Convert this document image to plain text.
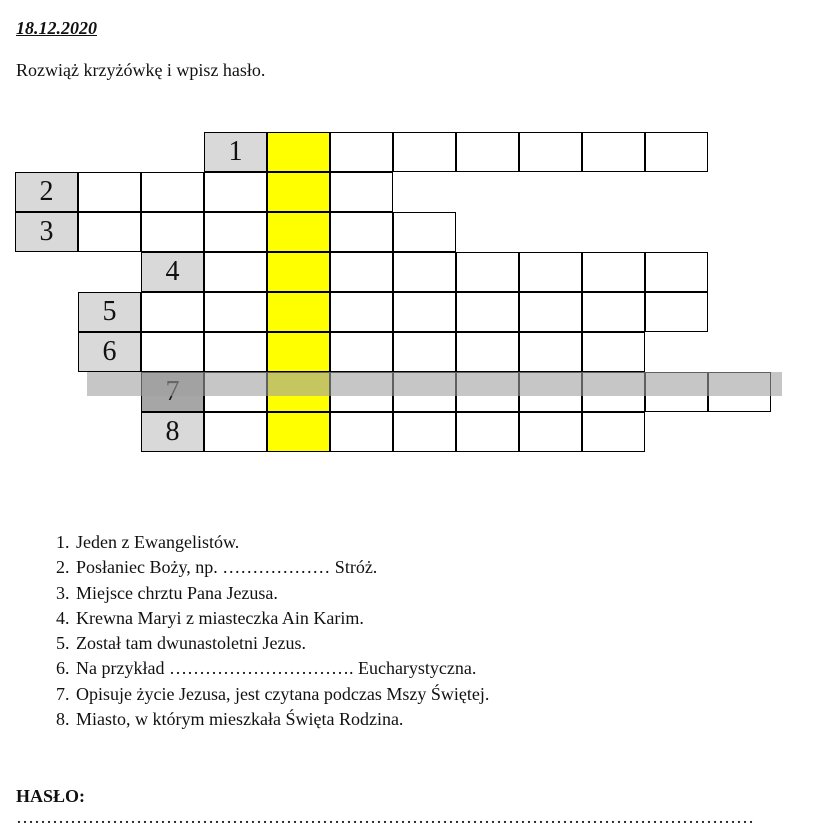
18.12.2020
Rozwiąż krzyżówkę i wpisz hasło.
1
2
3
4
5
6
8
1. Jeden z Ewangelistów.
2. Posłaniec Boży, np. ……………… Stróż.
3. Miejsce chrztu Pana Jezusa.
4. Krewna Maryi z miasteczka Ain Karim.
5. Został tam dwunastoletni Jezus.
6. Na przykład …………………………. Eucharystyczna.
7. Opisuje życie Jezusa, jest czytana podczas Mszy Świętej.
8. Miasto, w którym mieszkała Święta Rodzina.
HASŁO: ……………………………………………………………………………………………………………
